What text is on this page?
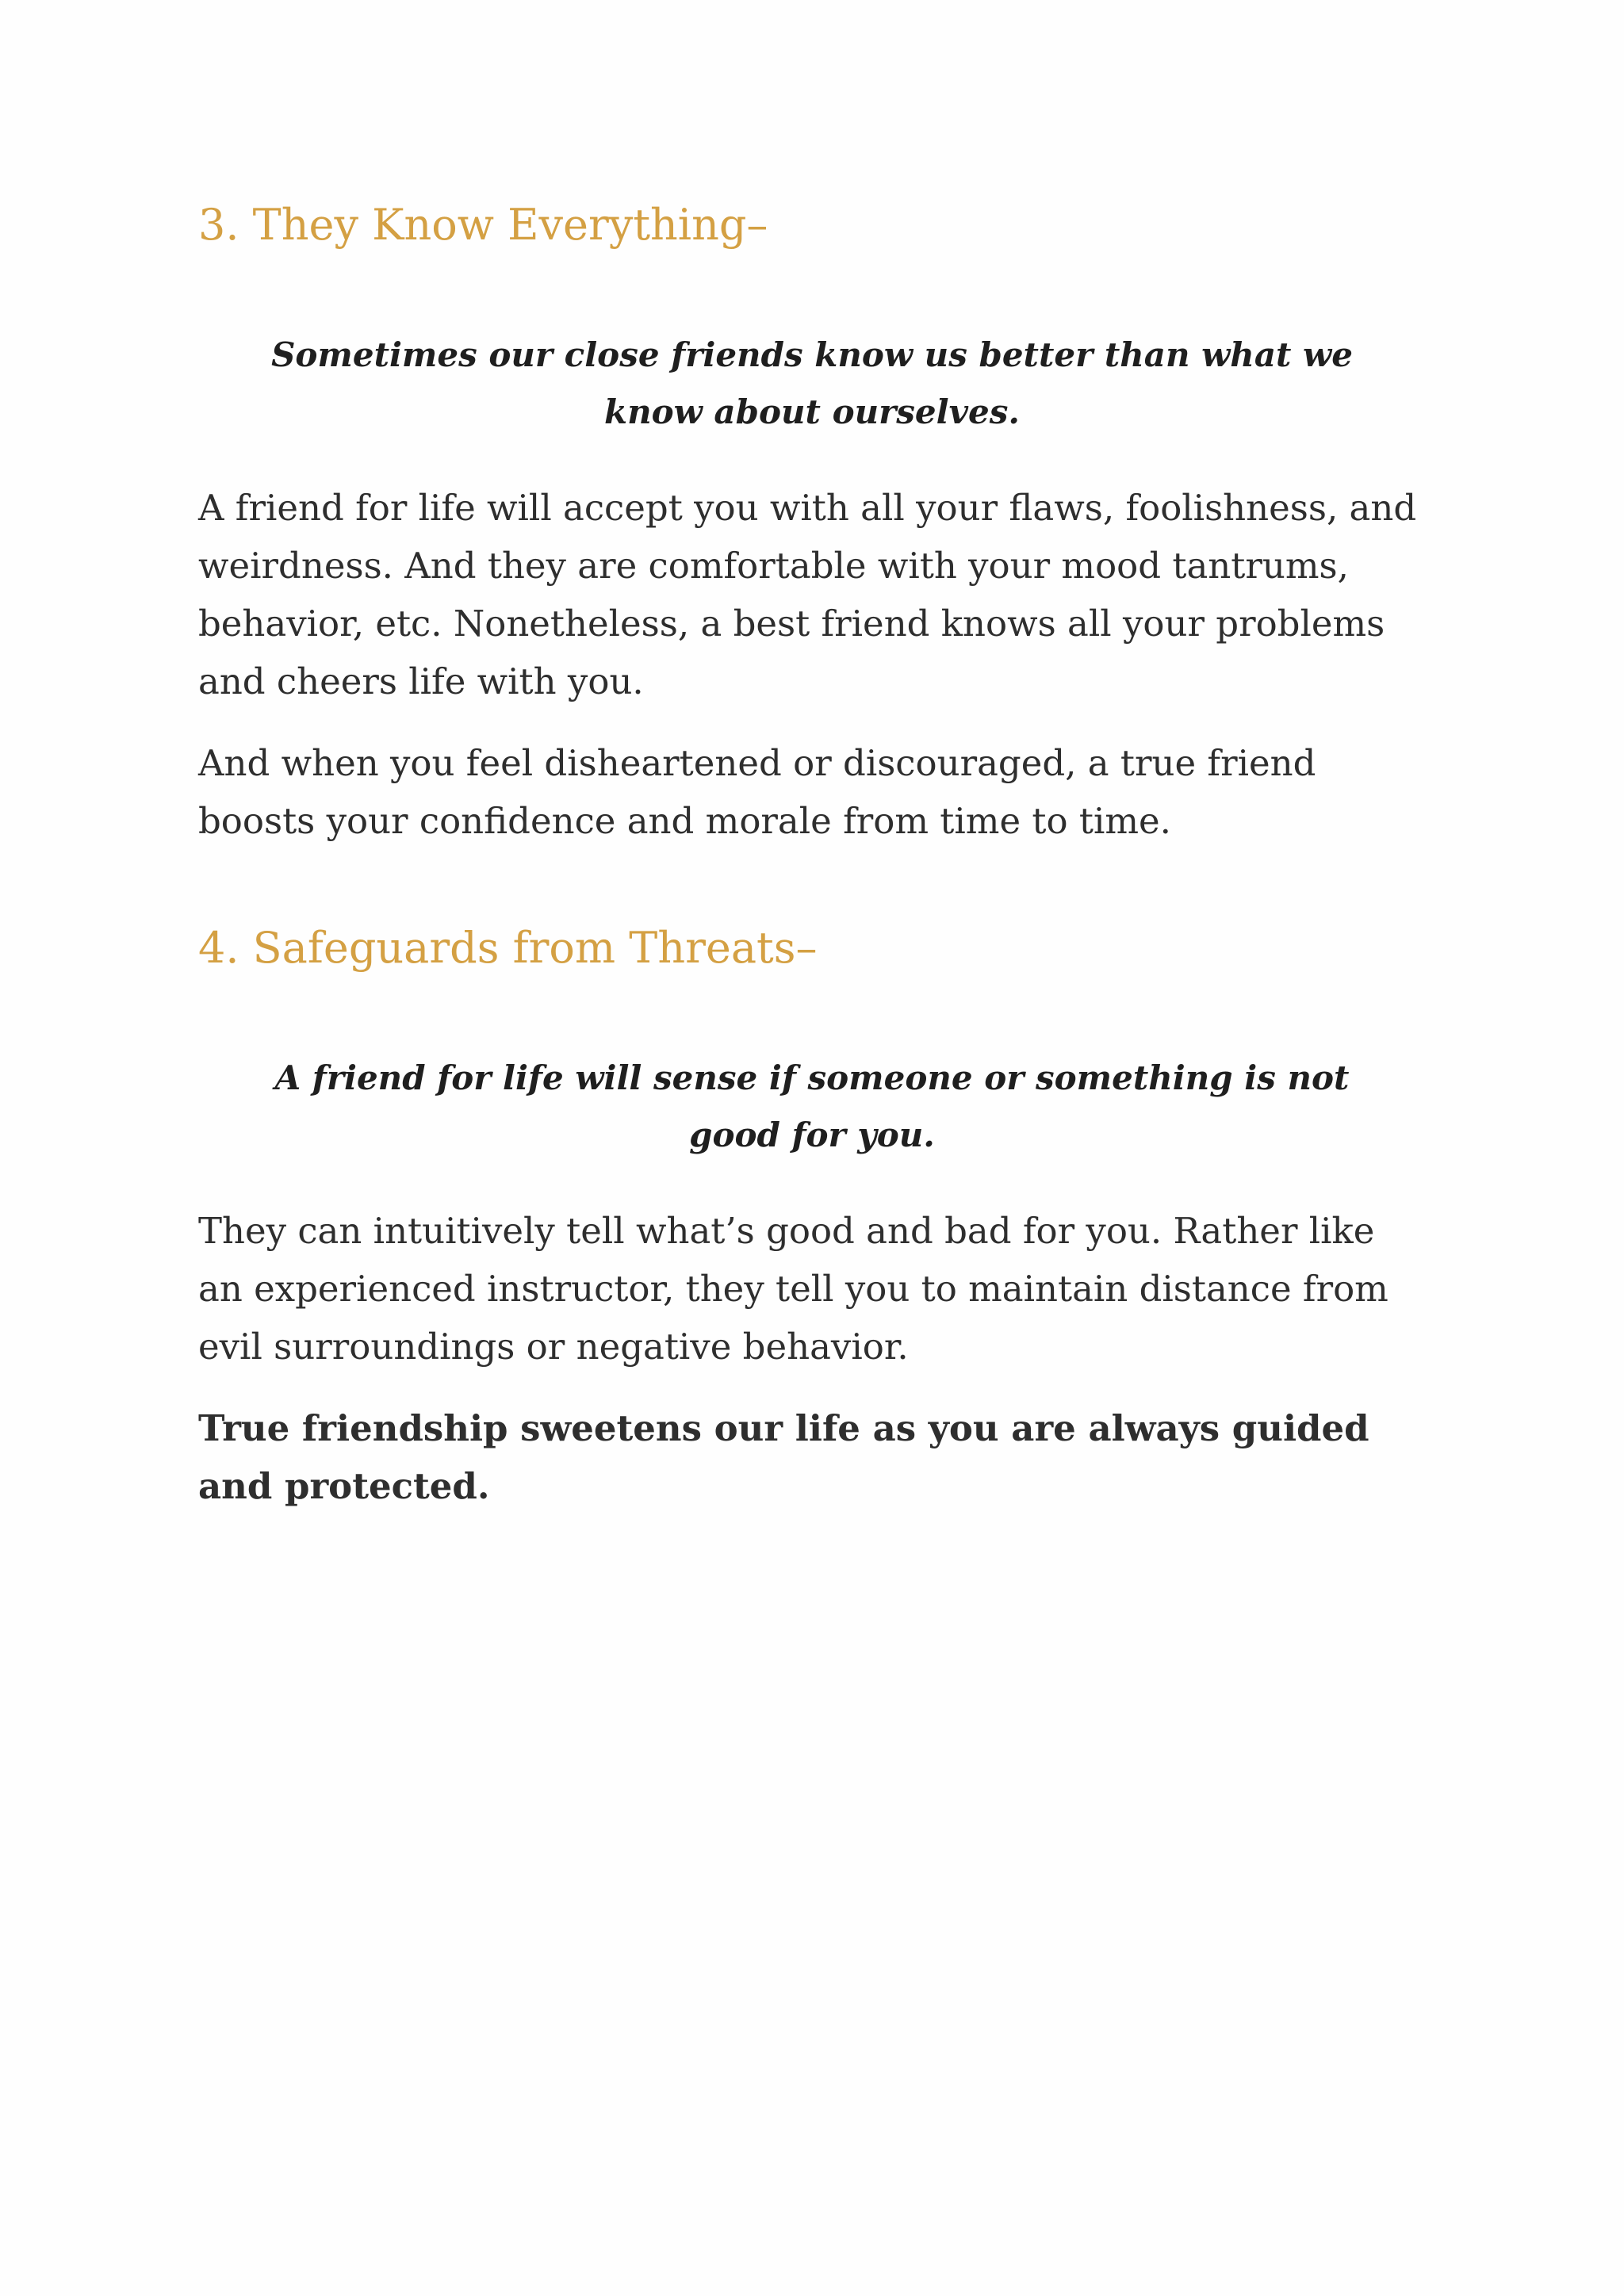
3. They Know Everything–

Sometimes our close friends know us better than what we know about ourselves.

A friend for life will accept you with all your flaws, foolishness, and weirdness. And they are comfortable with your mood tantrums, behavior, etc. Nonetheless, a best friend knows all your problems and cheers life with you.

And when you feel disheartened or discouraged, a true friend boosts your confidence and morale from time to time.

4. Safeguards from Threats–

A friend for life will sense if someone or something is not good for you.

They can intuitively tell what’s good and bad for you. Rather like an experienced instructor, they tell you to maintain distance from evil surroundings or negative behavior.

True friendship sweetens our life as you are always guided and protected.
